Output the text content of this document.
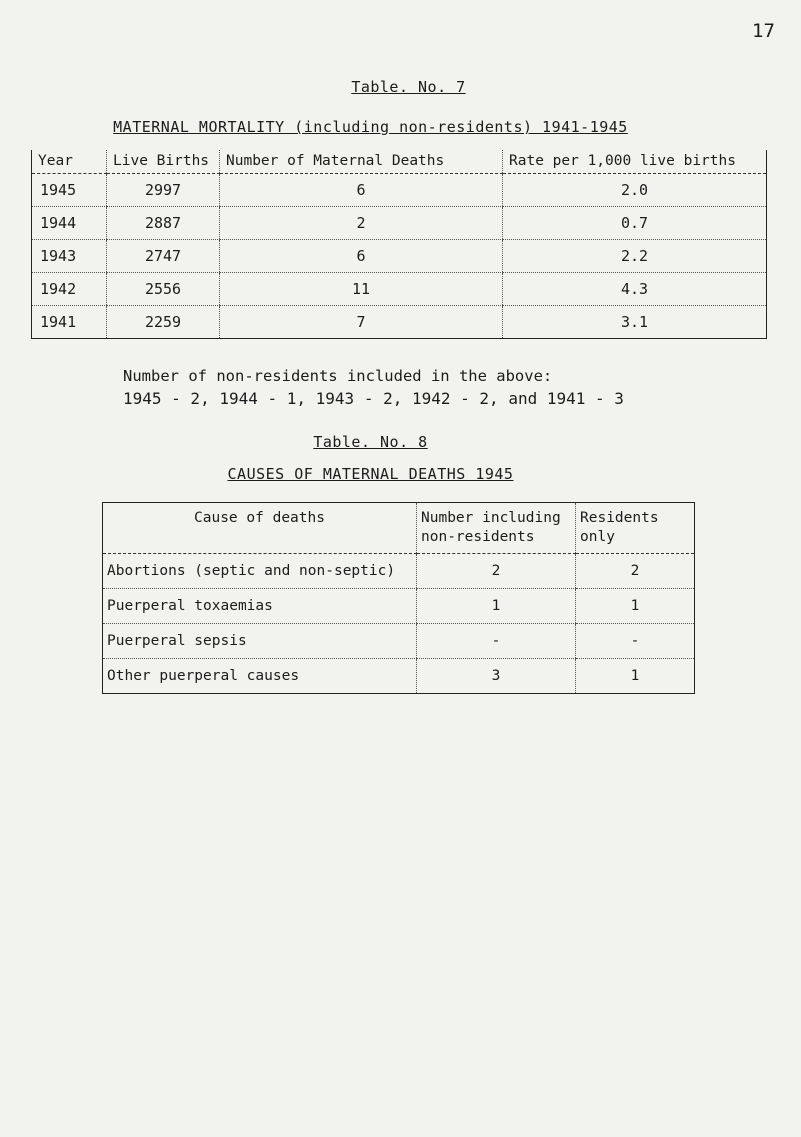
17
Table. No. 7
MATERNAL MORTALITY (including non-residents) 1941-1945
Year	Live Births	Number of Maternal Deaths	Rate per 1,000 live births
1945	2997	6	2.0
1944	2887	2	0.7
1943	2747	6	2.2
1942	2556	11	4.3
1941	2259	7	3.1
Number of non-residents included in the above:
1945 - 2, 1944 - 1, 1943 - 2, 1942 - 2, and 1941 - 3
Table. No. 8
CAUSES OF MATERNAL DEATHS 1945
Cause of deaths	Number including non-residents	Residents only
Abortions (septic and non-septic)	2	2
Puerperal toxaemias	1	1
Puerperal sepsis	-	-
Other puerperal causes	3	1
